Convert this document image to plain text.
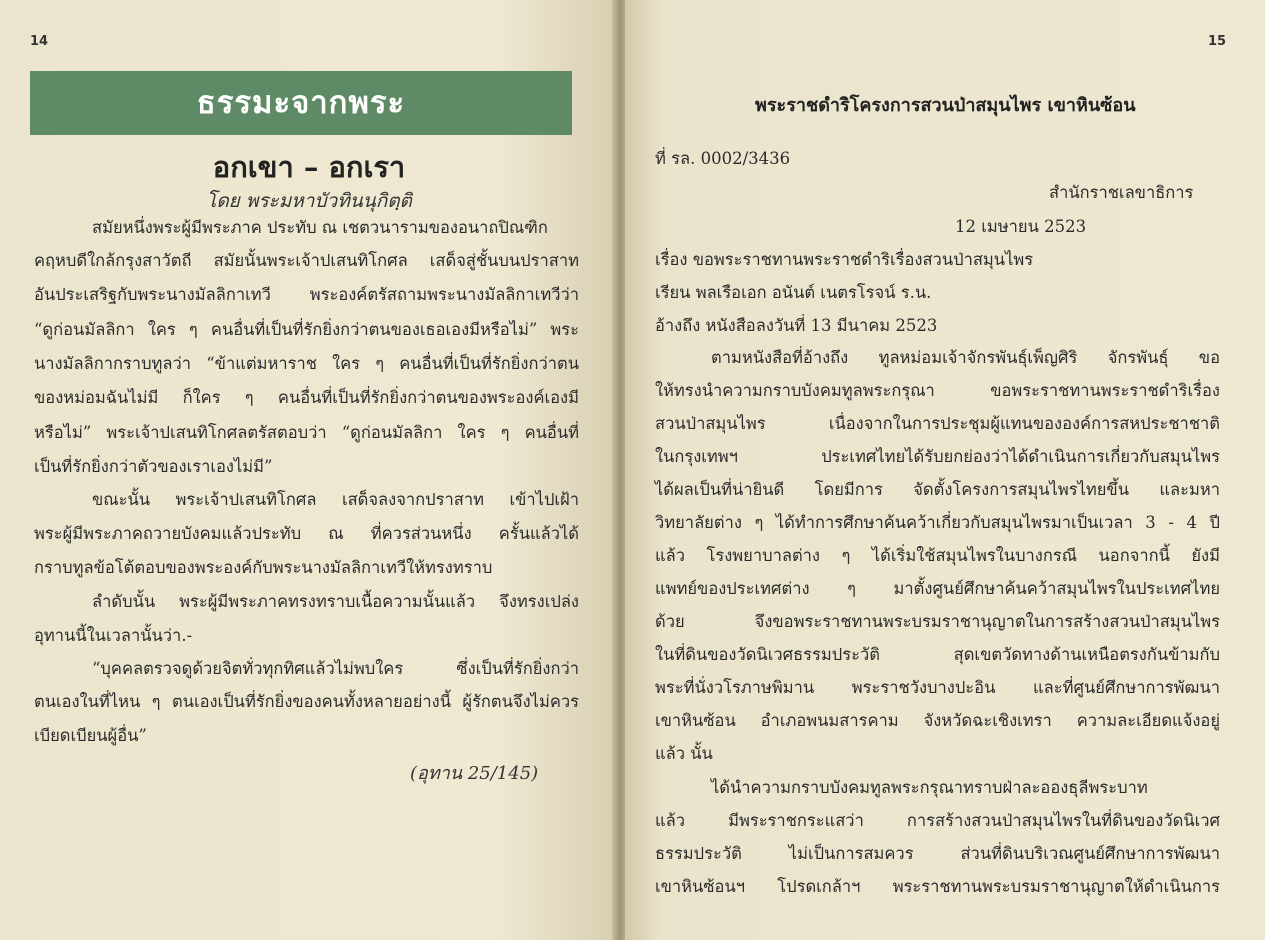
14
ธรรมะจากพระ
อกเขา – อกเรา
โดย พระมหาบัวทินนุกิตฺติ
สมัยหนึ่งพระผู้มีพระภาค ประทับ ณ เชตวนารามของอนาถปิณฑิก
คฤหบดีใกล้กรุงสาวัตถี สมัยนั้นพระเจ้าปเสนทิโกศล เสด็จสู่ชั้นบนปราสาท
อันประเสริฐกับพระนางมัลลิกาเทวี พระองค์ตรัสถามพระนางมัลลิกาเทวีว่า
“ดูก่อนมัลลิกา ใคร ๆ คนอื่นที่เป็นที่รักยิ่งกว่าตนของเธอเองมีหรือไม่” พระ
นางมัลลิกากราบทูลว่า “ข้าแต่มหาราช ใคร ๆ คนอื่นที่เป็นที่รักยิ่งกว่าตน
ของหม่อมฉันไม่มี ก็ใคร ๆ คนอื่นที่เป็นที่รักยิ่งกว่าตนของพระองค์เองมี
หรือไม่” พระเจ้าปเสนทิโกศลตรัสตอบว่า “ดูก่อนมัลลิกา ใคร ๆ คนอื่นที่
เป็นที่รักยิ่งกว่าตัวของเราเองไม่มี”
ขณะนั้น พระเจ้าปเสนทิโกศล เสด็จลงจากปราสาท เข้าไปเฝ้า
พระผู้มีพระภาคถวายบังคมแล้วประทับ ณ ที่ควรส่วนหนึ่ง ครั้นแล้วได้
กราบทูลข้อโต้ตอบของพระองค์กับพระนางมัลลิกาเทวีให้ทรงทราบ
ลำดับนั้น พระผู้มีพระภาคทรงทราบเนื้อความนั้นแล้ว จึงทรงเปล่ง
อุทานนี้ในเวลานั้นว่า.-
“บุคคลตรวจดูด้วยจิตทั่วทุกทิศแล้วไม่พบใคร ซึ่งเป็นที่รักยิ่งกว่า
ตนเองในที่ไหน ๆ ตนเองเป็นที่รักยิ่งของคนทั้งหลายอย่างนี้ ผู้รักตนจึงไม่ควร
เบียดเบียนผู้อื่น”
(อุทาน 25/145)
15
พระราชดำริโครงการสวนป่าสมุนไพร เขาหินซ้อน
ที่ รล. 0002/3436
สำนักราชเลขาธิการ
12 เมษายน 2523
เรื่อง ขอพระราชทานพระราชดำริเรื่องสวนป่าสมุนไพร
เรียน พลเรือเอก อนันต์ เนตรโรจน์ ร.น.
อ้างถึง หนังสือลงวันที่ 13 มีนาคม 2523
ตามหนังสือที่อ้างถึง ทูลหม่อมเจ้าจักรพันธุ์เพ็ญศิริ จักรพันธุ์ ขอ
ให้ทรงนำความกราบบังคมทูลพระกรุณา ขอพระราชทานพระราชดำริเรื่อง
สวนป่าสมุนไพร เนื่องจากในการประชุมผู้แทนขององค์การสหประชาชาติ
ในกรุงเทพฯ ประเทศไทยได้รับยกย่องว่าได้ดำเนินการเกี่ยวกับสมุนไพร
ได้ผลเป็นที่น่ายินดี โดยมีการ จัดตั้งโครงการสมุนไพรไทยขึ้น และมหา
วิทยาลัยต่าง ๆ ได้ทำการศึกษาค้นคว้าเกี่ยวกับสมุนไพรมาเป็นเวลา 3 - 4 ปี
แล้ว โรงพยาบาลต่าง ๆ ได้เริ่มใช้สมุนไพรในบางกรณี นอกจากนี้ ยังมี
แพทย์ของประเทศต่าง ๆ มาตั้งศูนย์ศึกษาค้นคว้าสมุนไพรในประเทศไทย
ด้วย จึงขอพระราชทานพระบรมราชานุญาตในการสร้างสวนป่าสมุนไพร
ในที่ดินของวัดนิเวศธรรมประวัติ สุดเขตวัดทางด้านเหนือตรงกันข้ามกับ
พระที่นั่งวโรภาษพิมาน พระราชวังบางปะอิน และที่ศูนย์ศึกษาการพัฒนา
เขาหินซ้อน อำเภอพนมสารคาม จังหวัดฉะเชิงเทรา ความละเอียดแจ้งอยู่
แล้ว นั้น
ได้นำความกราบบังคมทูลพระกรุณาทราบฝ่าละอองธุลีพระบาท
แล้ว มีพระราชกระแสว่า การสร้างสวนป่าสมุนไพรในที่ดินของวัดนิเวศ
ธรรมประวัติ ไม่เป็นการสมควร ส่วนที่ดินบริเวณศูนย์ศึกษาการพัฒนา
เขาหินซ้อนฯ โปรดเกล้าฯ พระราชทานพระบรมราชานุญาตให้ดำเนินการ
